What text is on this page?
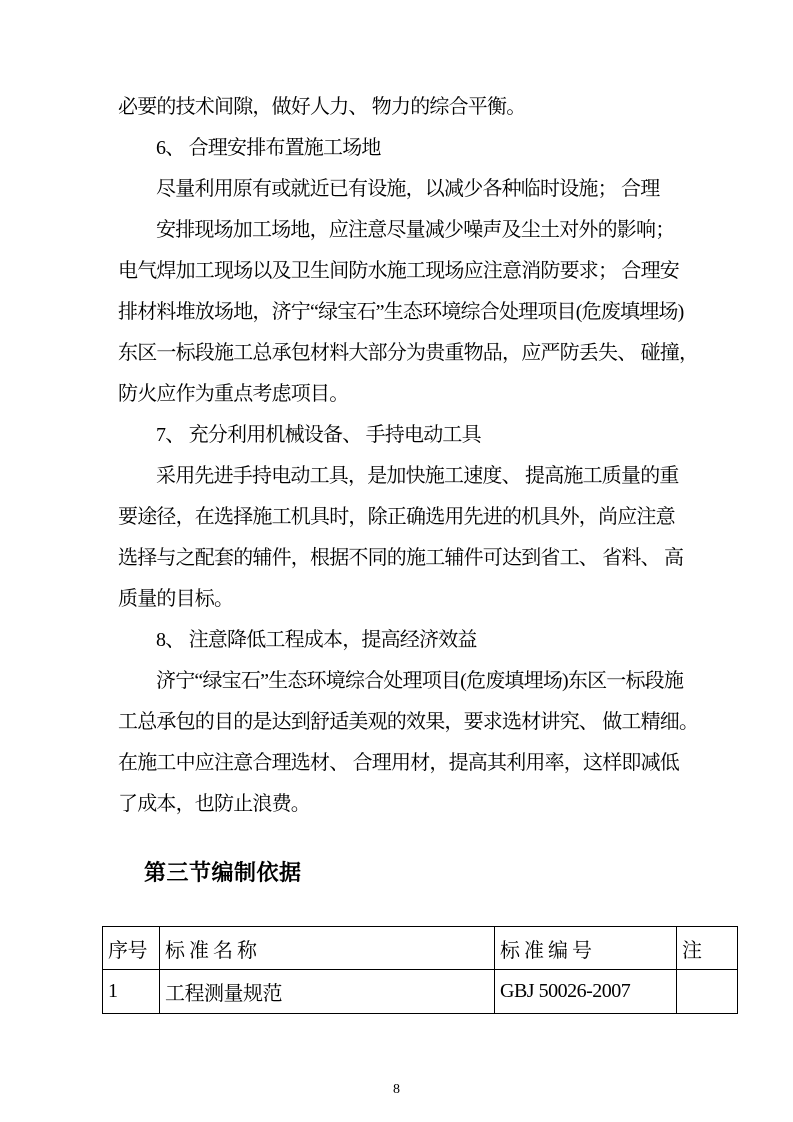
必要的技术间隙，做好人力、 物力的综合平衡。
6、 合理安排布置施工场地
尽量利用原有或就近已有设施，以减少各种临时设施； 合理
安排现场加工场地，应注意尽量减少噪声及尘土对外的影响；
电气焊加工现场以及卫生间防水施工现场应注意消防要求； 合理安
排材料堆放场地，济宁“绿宝石”生态环境综合处理项目(危废填埋场)
东区一标段施工总承包材料大部分为贵重物品，应严防丢失、 碰撞，
防火应作为重点考虑项目。
7、 充分利用机械设备、 手持电动工具
采用先进手持电动工具，是加快施工速度、 提高施工质量的重
要途径，在选择施工机具时，除正确选用先进的机具外，尚应注意
选择与之配套的辅件，根据不同的施工辅件可达到省工、 省料、 高
质量的目标。
8、 注意降低工程成本，提高经济效益
济宁“绿宝石”生态环境综合处理项目(危废填埋场)东区一标段施
工总承包的目的是达到舒适美观的效果，要求选材讲究、 做工精细。
在施工中应注意合理选材、 合理用材，提高其利用率，这样即减低
了成本，也防止浪费。
第三节编制依据
序号	标 准 名 称	标 准 编 号	注
1	工程测量规范	GBJ 50026-2007	
8
